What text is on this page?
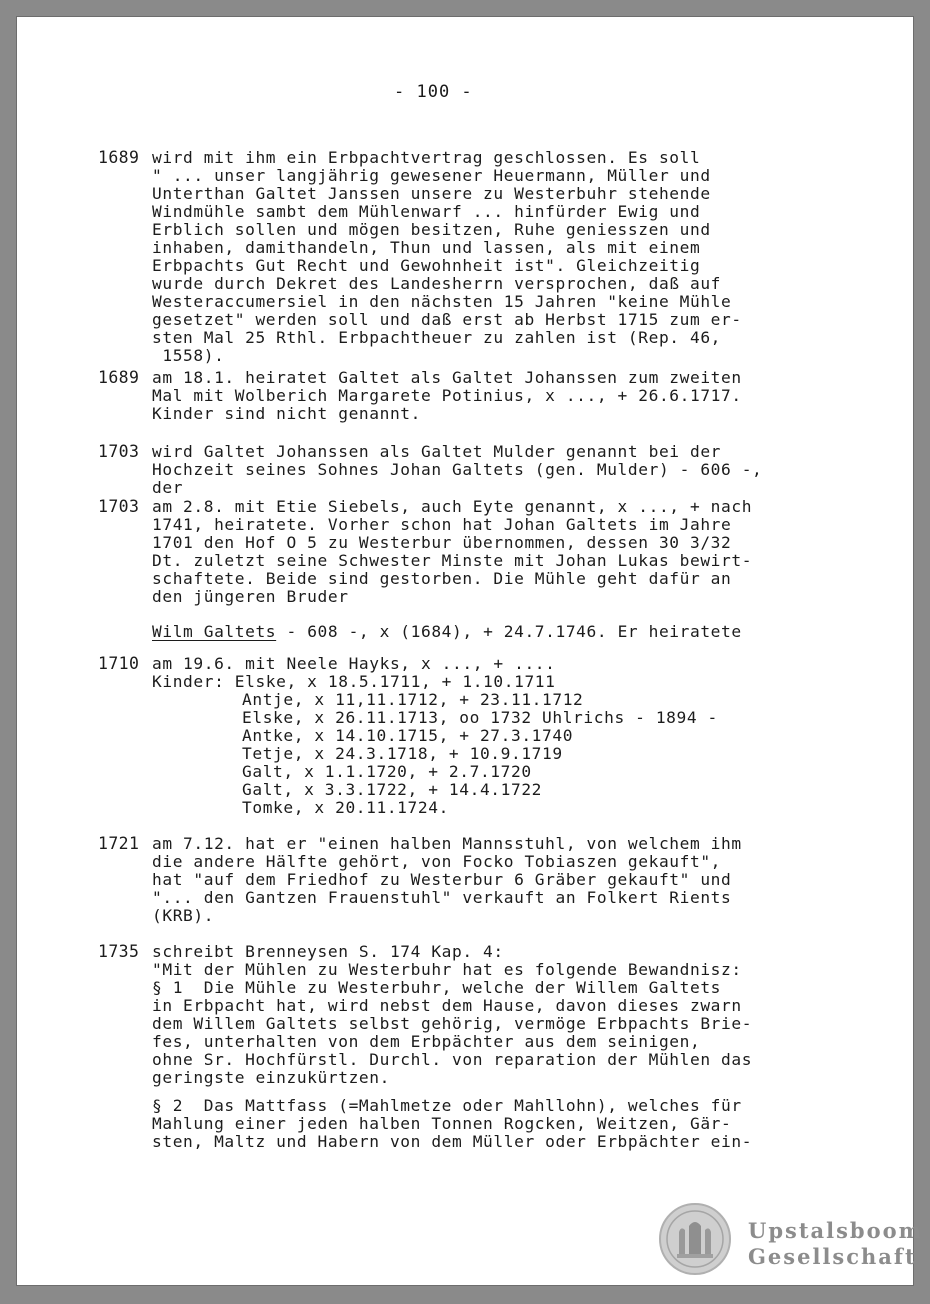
- 100 -
1689
1689
1703
1703
1710
1721
1735
wird mit ihm ein Erbpachtvertrag geschlossen. Es soll
" ... unser langjährig gewesener Heuermann, Müller und
Unterthan Galtet Janssen unsere zu Westerbuhr stehende
Windmühle sambt dem Mühlenwarf ... hinfürder Ewig und
Erblich sollen und mögen besitzen, Ruhe geniesszen und
inhaben, damithandeln, Thun und lassen, als mit einem
Erbpachts Gut Recht und Gewohnheit ist". Gleichzeitig
wurde durch Dekret des Landesherrn versprochen, daß auf
Westeraccumersiel in den nächsten 15 Jahren "keine Mühle
gesetzet" werden soll und daß erst ab Herbst 1715 zum er-
sten Mal 25 Rthl. Erbpachtheuer zu zahlen ist (Rep. 46,
1558).
am 18.1. heiratet Galtet als Galtet Johanssen zum zweiten
Mal mit Wolberich Margarete Potinius, x ..., + 26.6.1717.
Kinder sind nicht genannt.
wird Galtet Johanssen als Galtet Mulder genannt bei der
Hochzeit seines Sohnes Johan Galtets (gen. Mulder) - 606 -,
der
am 2.8. mit Etie Siebels, auch Eyte genannt, x ..., + nach
1741, heiratete. Vorher schon hat Johan Galtets im Jahre
1701 den Hof O 5 zu Westerbur übernommen, dessen 30 3/32
Dt. zuletzt seine Schwester Minste mit Johan Lukas bewirt-
schaftete. Beide sind gestorben. Die Mühle geht dafür an
den jüngeren Bruder
Wilm Galtets - 608 -, x (1684), + 24.7.1746. Er heiratete
am 19.6. mit Neele Hayks, x ..., + ....
Kinder: Elske, x 18.5.1711, + 1.10.1711
Antje, x 11,11.1712, + 23.11.1712
Elske, x 26.11.1713, oo 1732 Uhlrichs - 1894 -
Antke, x 14.10.1715, + 27.3.1740
Tetje, x 24.3.1718, + 10.9.1719
Galt, x 1.1.1720, + 2.7.1720
Galt, x 3.3.1722, + 14.4.1722
Tomke, x 20.11.1724.
am 7.12. hat er "einen halben Mannsstuhl, von welchem ihm
die andere Hälfte gehört, von Focko Tobiaszen gekauft",
hat "auf dem Friedhof zu Westerbur 6 Gräber gekauft" und
"... den Gantzen Frauenstuhl" verkauft an Folkert Rients
(KRB).
schreibt Brenneysen S. 174 Kap. 4:
"Mit der Mühlen zu Westerbuhr hat es folgende Bewandnisz:
§ 1  Die Mühle zu Westerbuhr, welche der Willem Galtets
in Erbpacht hat, wird nebst dem Hause, davon dieses zwarn
dem Willem Galtets selbst gehörig, vermöge Erbpachts Brie-
fes, unterhalten von dem Erbpächter aus dem seinigen,
ohne Sr. Hochfürstl. Durchl. von reparation der Mühlen das
geringste einzukürtzen.
§ 2  Das Mattfass (=Mahlmetze oder Mahllohn), welches für
Mahlung einer jeden halben Tonnen Rogcken, Weitzen, Gär-
sten, Maltz und Habern von dem Müller oder Erbpächter ein-
Upstalsboom
Gesellschaft
